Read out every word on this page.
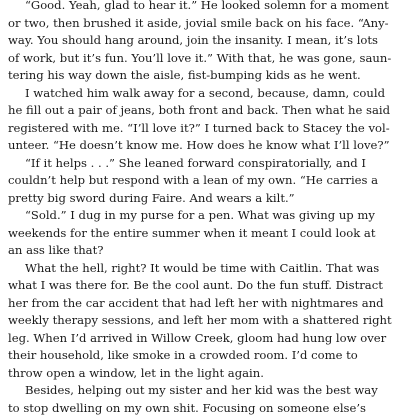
“Good. Yeah, glad to hear it.” He looked solemn for a moment
or two, then brushed it aside, jovial smile back on his face. “Any-
way. You should hang around, join the insanity. I mean, it’s lots
of work, but it’s fun. You’ll love it.” With that, he was gone, saun-
tering his way down the aisle, fist-bumping kids as he went.
I watched him walk away for a second, because, damn, could
he fill out a pair of jeans, both front and back. Then what he said
registered with me. “I’ll love it?” I turned back to Stacey the vol-
unteer. “He doesn’t know me. How does he know what I’ll love?”
“If it helps . . .” She leaned forward conspiratorially, and I
couldn’t help but respond with a lean of my own. “He carries a
pretty big sword during Faire. And wears a kilt.”
“Sold.” I dug in my purse for a pen. What was giving up my
weekends for the entire summer when it meant I could look at
an ass like that?
What the hell, right? It would be time with Caitlin. That was
what I was there for. Be the cool aunt. Do the fun stuff. Distract
her from the car accident that had left her with nightmares and
weekly therapy sessions, and left her mom with a shattered right
leg. When I’d arrived in Willow Creek, gloom had hung low over
their household, like smoke in a crowded room. I’d come to
throw open a window, let in the light again.
Besides, helping out my sister and her kid was the best way
to stop dwelling on my own shit. Focusing on someone else’s
